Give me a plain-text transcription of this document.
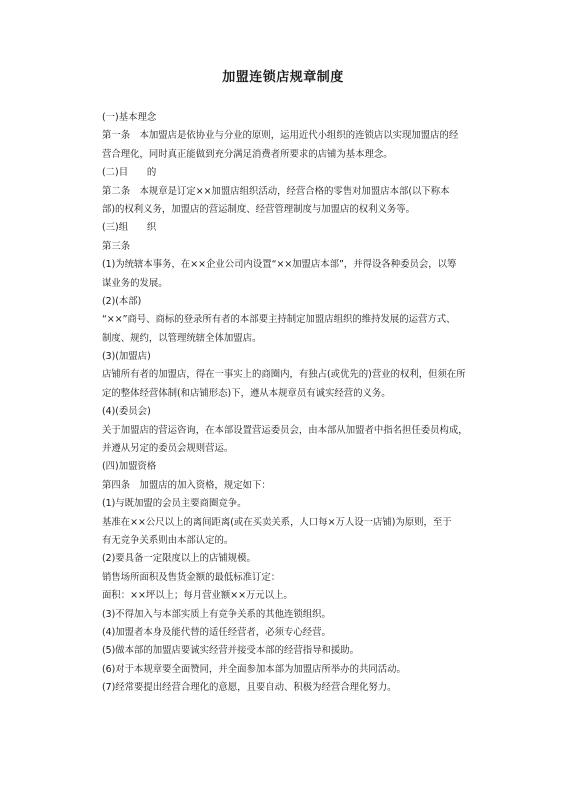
加盟连锁店规章制度
(一)基本理念
第一条　本加盟店是依协业与分业的原则，运用近代小组织的连锁店以实现加盟店的经
营合理化，同时真正能做到充分满足消费者所要求的店铺为基本理念。
(二)目　　的
第二条　本规章是订定××加盟店组织活动，经营合格的零售对加盟店本部(以下称本
部)的权利义务，加盟店的营运制度、经营管理制度与加盟店的权利义务等。
(三)组　　织
第三条
(1)为统辖本事务，在××企业公司内设置“××加盟店本部”，并得设各种委员会，以筹
谋业务的发展。
(2)(本部)
“××”商号、商标的登录所有者的本部要主持制定加盟店组织的维持发展的运营方式、
制度、规约，以管理统辖全体加盟店。
(3)(加盟店)
店铺所有者的加盟店，得在一事实上的商圈内，有独占(或优先的)营业的权利，但须在所
定的整体经营体制(和店铺形态)下，遵从本规章员有诚实经营的义务。
(4)(委员会)
关于加盟店的营运咨询，在本部设置营运委员会，由本部从加盟者中指名担任委员构成，
并遵从另定的委员会规则营运。
(四)加盟资格
第四条　加盟店的加入资格，规定如下：
(1)与既加盟的会员主要商圈竞争。
基准在××公尺以上的离间距离(或在买卖关系，人口每×万人设一店铺)为原则，至于
有无竞争关系则由本部认定的。
(2)要具备一定限度以上的店铺规模。
销售场所面积及售货金额的最低标准订定：
面积：××坪以上；每月营业额××万元以上。
(3)不得加入与本部实质上有竞争关系的其他连锁组织。
(4)加盟者本身及能代替的适任经营者，必须专心经营。
(5)做本部的加盟店要诚实经营并接受本部的经营指导和援助。
(6)对于本规章要全面赞同，并全面参加本部为加盟店所举办的共同活动。
(7)经常要提出经营合理化的意愿，且要自动、积极为经营合理化努力。
